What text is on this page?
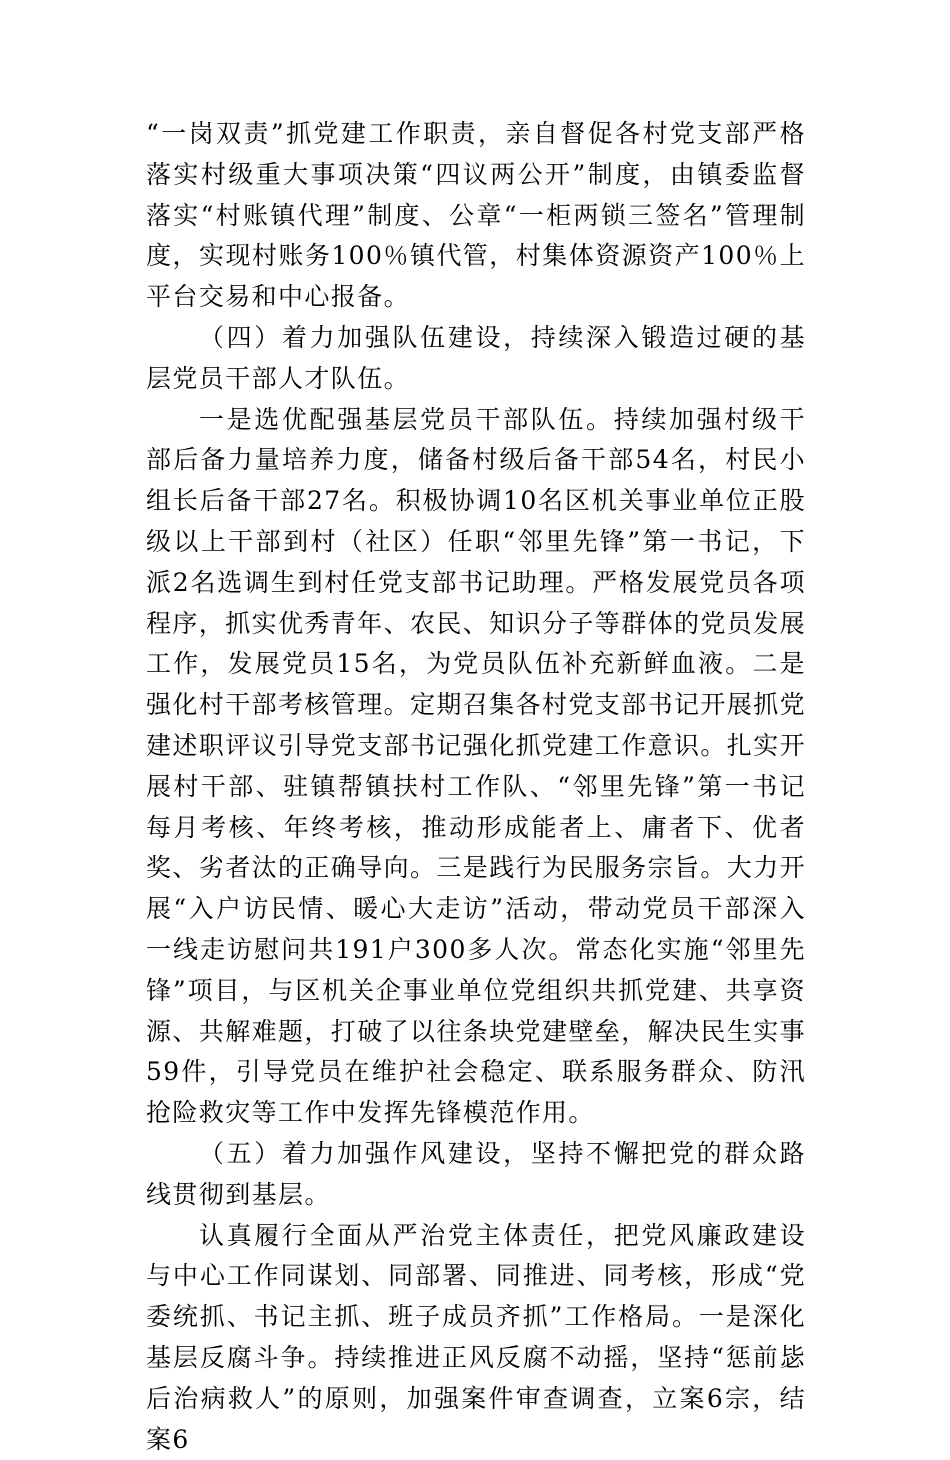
“一岗双责”抓党建工作职责，亲自督促各村党支部严格落实村级重大事项决策“四议两公开”制度，由镇委监督落实“村账镇代理”制度、公章“一柜两锁三签名”管理制度，实现村账务100％镇代管，村集体资源资产100％上平台交易和中心报备。

（四）着力加强队伍建设，持续深入锻造过硬的基层党员干部人才队伍。

一是选优配强基层党员干部队伍。持续加强村级干部后备力量培养力度，储备村级后备干部54名，村民小组长后备干部27名。积极协调10名区机关事业单位正股级以上干部到村（社区）任职“邻里先锋”第一书记，下派2名选调生到村任党支部书记助理。严格发展党员各项程序，抓实优秀青年、农民、知识分子等群体的党员发展工作，发展党员15名，为党员队伍补充新鲜血液。二是强化村干部考核管理。定期召集各村党支部书记开展抓党建述职评议引导党支部书记强化抓党建工作意识。扎实开展村干部、驻镇帮镇扶村工作队、“邻里先锋”第一书记每月考核、年终考核，推动形成能者上、庸者下、优者奖、劣者汰的正确导向。三是践行为民服务宗旨。大力开展“入户访民情、暖心大走访”活动，带动党员干部深入一线走访慰问共191户300多人次。常态化实施“邻里先锋”项目，与区机关企事业单位党组织共抓党建、共享资源、共解难题，打破了以往条块党建壁垒，解决民生实事59件，引导党员在维护社会稳定、联系服务群众、防汛抢险救灾等工作中发挥先锋模范作用。

（五）着力加强作风建设，坚持不懈把党的群众路线贯彻到基层。

认真履行全面从严治党主体责任，把党风廉政建设与中心工作同谋划、同部署、同推进、同考核，形成“党委统抓、书记主抓、班子成员齐抓”工作格局。一是深化基层反腐斗争。持续推进正风反腐不动摇，坚持“惩前毖后治病救人”的原则，加强案件审查调查，立案6宗，结案6
